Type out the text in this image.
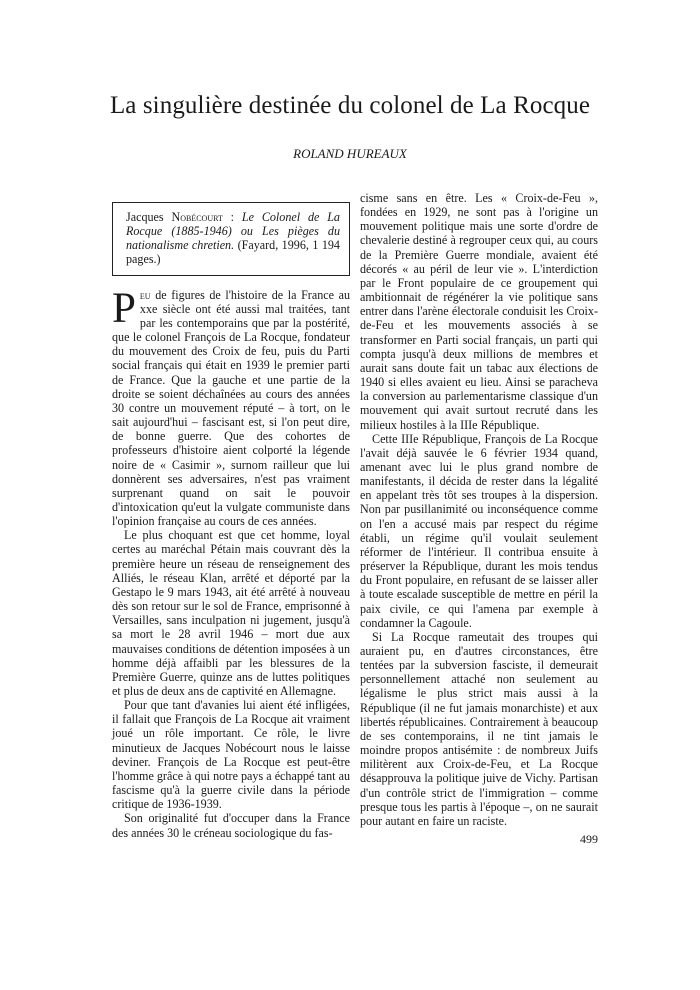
La singulière destinée du colonel de La Rocque
ROLAND HUREAUX
Jacques Nobécourt : Le Colonel de La Rocque (1885-1946) ou Les pièges du nationalisme chretien. (Fayard, 1996, 1 194 pages.)

Peu de figures de l'histoire de la France au xxe siècle ont été aussi mal traitées, tant par les contemporains que par la postérité, que le colonel François de La Rocque, fondateur du mouvement des Croix de feu, puis du Parti social français qui était en 1939 le premier parti de France. Que la gauche et une partie de la droite se soient déchaînées au cours des années 30 contre un mouvement réputé – à tort, on le sait aujourd'hui – fascisant est, si l'on peut dire, de bonne guerre. Que des cohortes de professeurs d'histoire aient colporté la légende noire de « Casimir », surnom railleur que lui donnèrent ses adversaires, n'est pas vraiment surprenant quand on sait le pouvoir d'intoxication qu'eut la vulgate communiste dans l'opinion française au cours de ces années.

Le plus choquant est que cet homme, loyal certes au maréchal Pétain mais couvrant dès la première heure un réseau de renseignement des Alliés, le réseau Klan, arrêté et déporté par la Gestapo le 9 mars 1943, ait été arrêté à nouveau dès son retour sur le sol de France, emprisonné à Versailles, sans inculpation ni jugement, jusqu'à sa mort le 28 avril 1946 – mort due aux mauvaises conditions de détention imposées à un homme déjà affaibli par les blessures de la Première Guerre, quinze ans de luttes politiques et plus de deux ans de captivité en Allemagne.

Pour que tant d'avanies lui aient été infligées, il fallait que François de La Rocque ait vraiment joué un rôle important. Ce rôle, le livre minutieux de Jacques Nobécourt nous le laisse deviner. François de La Rocque est peut-être l'homme grâce à qui notre pays a échappé tant au fascisme qu'à la guerre civile dans la période critique de 1936-1939.

Son originalité fut d'occuper dans la France des années 30 le créneau sociologique du fas-

cisme sans en être. Les « Croix-de-Feu », fondées en 1929, ne sont pas à l'origine un mouvement politique mais une sorte d'ordre de chevalerie destiné à regrouper ceux qui, au cours de la Première Guerre mondiale, avaient été décorés « au péril de leur vie ». L'interdiction par le Front populaire de ce groupement qui ambitionnait de régénérer la vie politique sans entrer dans l'arène électorale conduisit les Croix-de-Feu et les mouvements associés à se transformer en Parti social français, un parti qui compta jusqu'à deux millions de membres et aurait sans doute fait un tabac aux élections de 1940 si elles avaient eu lieu. Ainsi se paracheva la conversion au parlementarisme classique d'un mouvement qui avait surtout recruté dans les milieux hostiles à la IIIe République.

Cette IIIe République, François de La Rocque l'avait déjà sauvée le 6 février 1934 quand, amenant avec lui le plus grand nombre de manifestants, il décida de rester dans la légalité en appelant très tôt ses troupes à la dispersion. Non par pusillanimité ou inconséquence comme on l'en a accusé mais par respect du régime établi, un régime qu'il voulait seulement réformer de l'intérieur. Il contribua ensuite à préserver la République, durant les mois tendus du Front populaire, en refusant de se laisser aller à toute escalade susceptible de mettre en péril la paix civile, ce qui l'amena par exemple à condamner la Cagoule.

Si La Rocque rameutait des troupes qui auraient pu, en d'autres circonstances, être tentées par la subversion fasciste, il demeurait personnellement attaché non seulement au légalisme le plus strict mais aussi à la République (il ne fut jamais monarchiste) et aux libertés républicaines. Contrairement à beaucoup de ses contemporains, il ne tint jamais le moindre propos antisémite : de nombreux Juifs militèrent aux Croix-de-Feu, et La Rocque désapprouva la politique juive de Vichy. Partisan d'un contrôle strict de l'immigration – comme presque tous les partis à l'époque –, on ne saurait pour autant en faire un raciste.

499
